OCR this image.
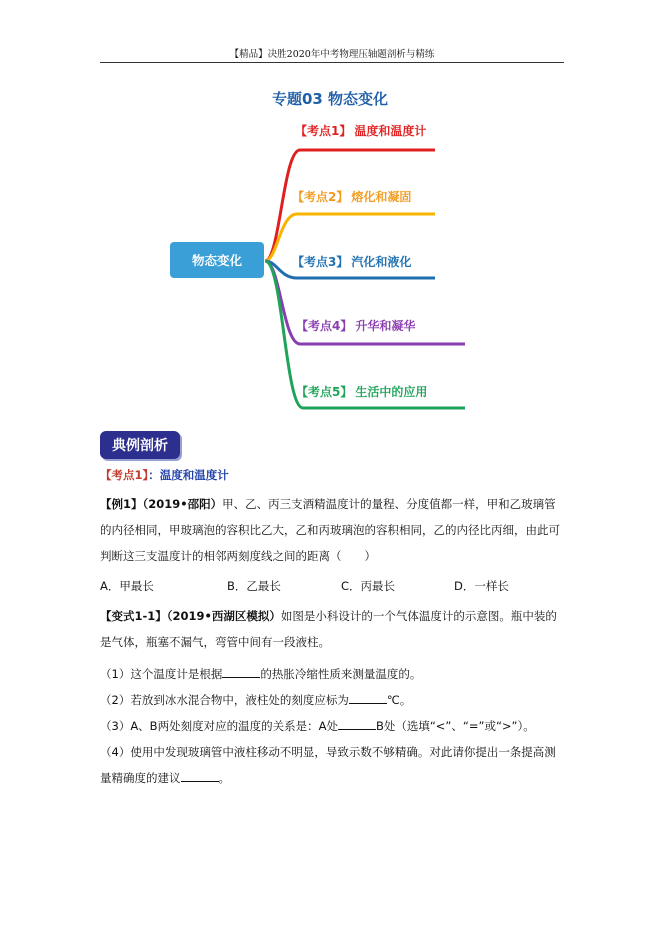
【精品】决胜2020年中考物理压轴题剖析与精练
专题03 物态变化
物态变化
【考点1】 温度和温度计
【考点2】 熔化和凝固
【考点3】 汽化和液化
【考点4】 升华和凝华
【考点5】 生活中的应用
典例剖析
【考点1】：温度和温度计
【例1】（2019•邵阳）甲、乙、丙三支酒精温度计的量程、分度值都一样，甲和乙玻璃管
的内径相同，甲玻璃泡的容积比乙大，乙和丙玻璃泡的容积相同，乙的内径比丙细，由此可
判断这三支温度计的相邻两刻度线之间的距离（　　）
A．甲最长	B．乙最长	C．丙最长	D．一样长
【变式1-1】（2019•西湖区模拟）如图是小科设计的一个气体温度计的示意图。瓶中装的
是气体，瓶塞不漏气，弯管中间有一段液柱。
（1）这个温度计是根据	的热胀冷缩性质来测量温度的。
（2）若放到冰水混合物中，液柱处的刻度应标为	℃。
（3）A、B两处刻度对应的温度的关系是：A处	B处（选填“<”、“=”或“>”）。
（4）使用中发现玻璃管中液柱移动不明显，导致示数不够精确。对此请你提出一条提高测
量精确度的建议	。
